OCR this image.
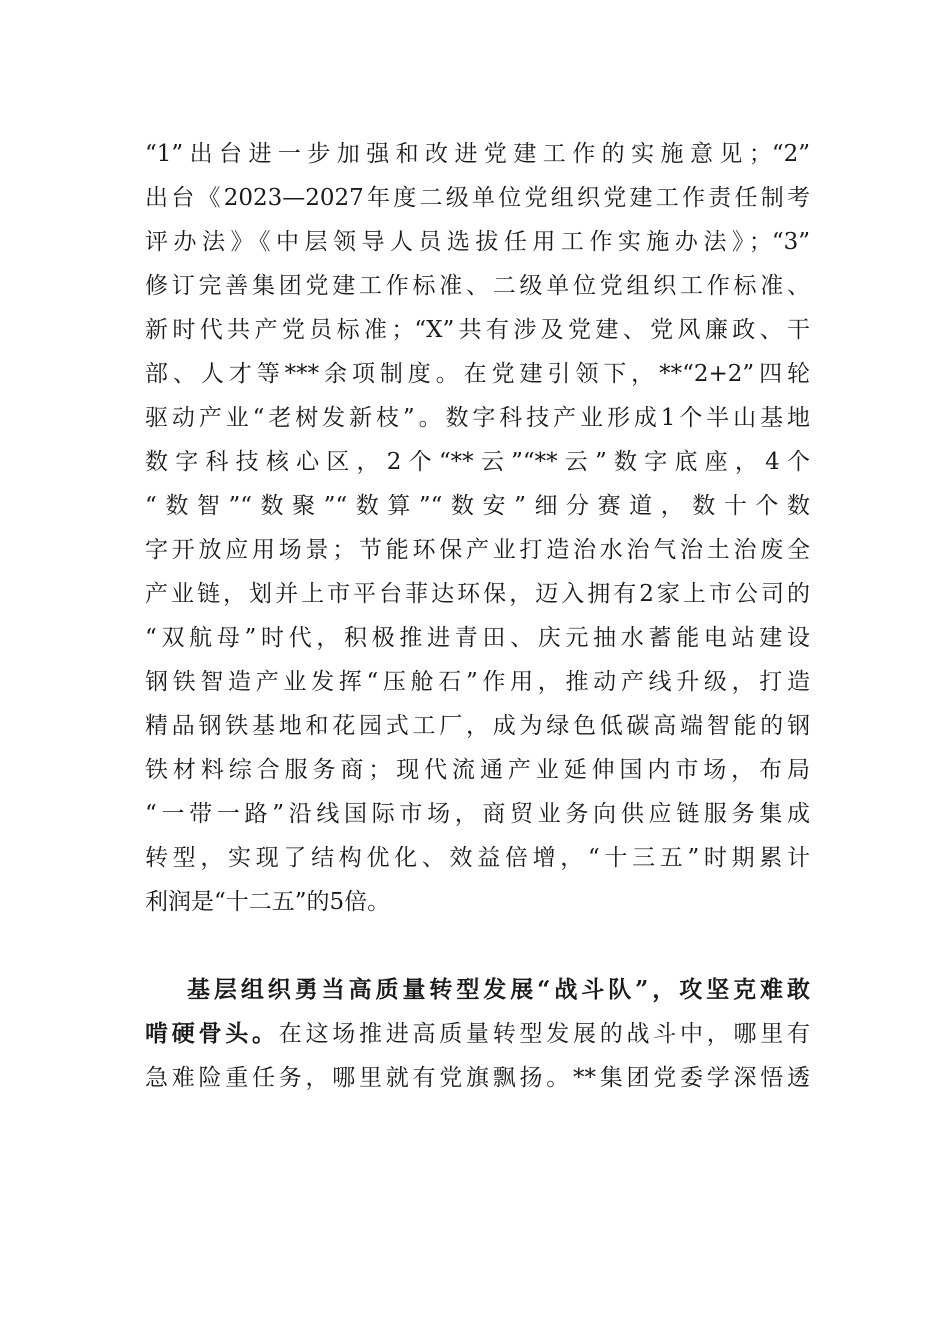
“1”出台进一步加强和改进党建工作的实施意见；“2”
出台《2023—2027年度二级单位党组织党建工作责任制考
评办法》《中层领导人员选拔任用工作实施办法》；“3”
修订完善集团党建工作标准、二级单位党组织工作标准、
新时代共产党员标准；“X”共有涉及党建、党风廉政、干
部、人才等***余项制度。在党建引领下，**“2+2”四轮
驱动产业“老树发新枝”。数字科技产业形成1个半山基地
数字科技核心区，2个“**云”“**云”数字底座，4个
“数智”“数聚”“数算”“数安”细分赛道，数十个数
字开放应用场景；节能环保产业打造治水治气治土治废全
产业链，划并上市平台菲达环保，迈入拥有2家上市公司的
“双航母”时代，积极推进青田、庆元抽水蓄能电站建设
钢铁智造产业发挥“压舱石”作用，推动产线升级，打造
精品钢铁基地和花园式工厂，成为绿色低碳高端智能的钢
铁材料综合服务商；现代流通产业延伸国内市场，布局
“一带一路”沿线国际市场，商贸业务向供应链服务集成
转型，实现了结构优化、效益倍增，“十三五”时期累计
利润是“十二五”的5倍。
基层组织勇当高质量转型发展“战斗队”，攻坚克难敢
啃硬骨头。在这场推进高质量转型发展的战斗中，哪里有
急难险重任务，哪里就有党旗飘扬。**集团党委学深悟透
